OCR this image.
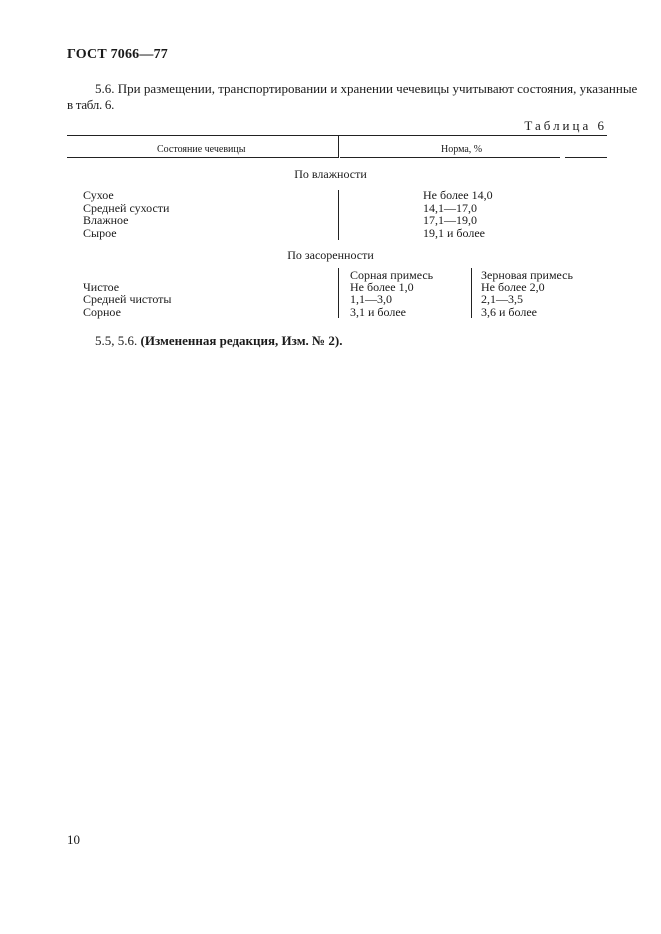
ГОСТ 7066—77
5.6. При размещении, транспортировании и хранении чечевицы учитывают состояния, указанные
в табл. 6.
Таблица 6
Состояние чечевицы	Норма, %
По влажности
Сухое
Средней сухости
Влажное
Сырое
Не более 14,0
14,1—17,0
17,1—19,0
19,1 и более
По засоренности
Сорная примесь	Зерновая примесь
Чистое
Средней чистоты
Сорное
Не более 1,0
1,1—3,0
3,1 и более
Не более 2,0
2,1—3,5
3,6 и более
5.5, 5.6. (Измененная редакция, Изм. № 2).
10
